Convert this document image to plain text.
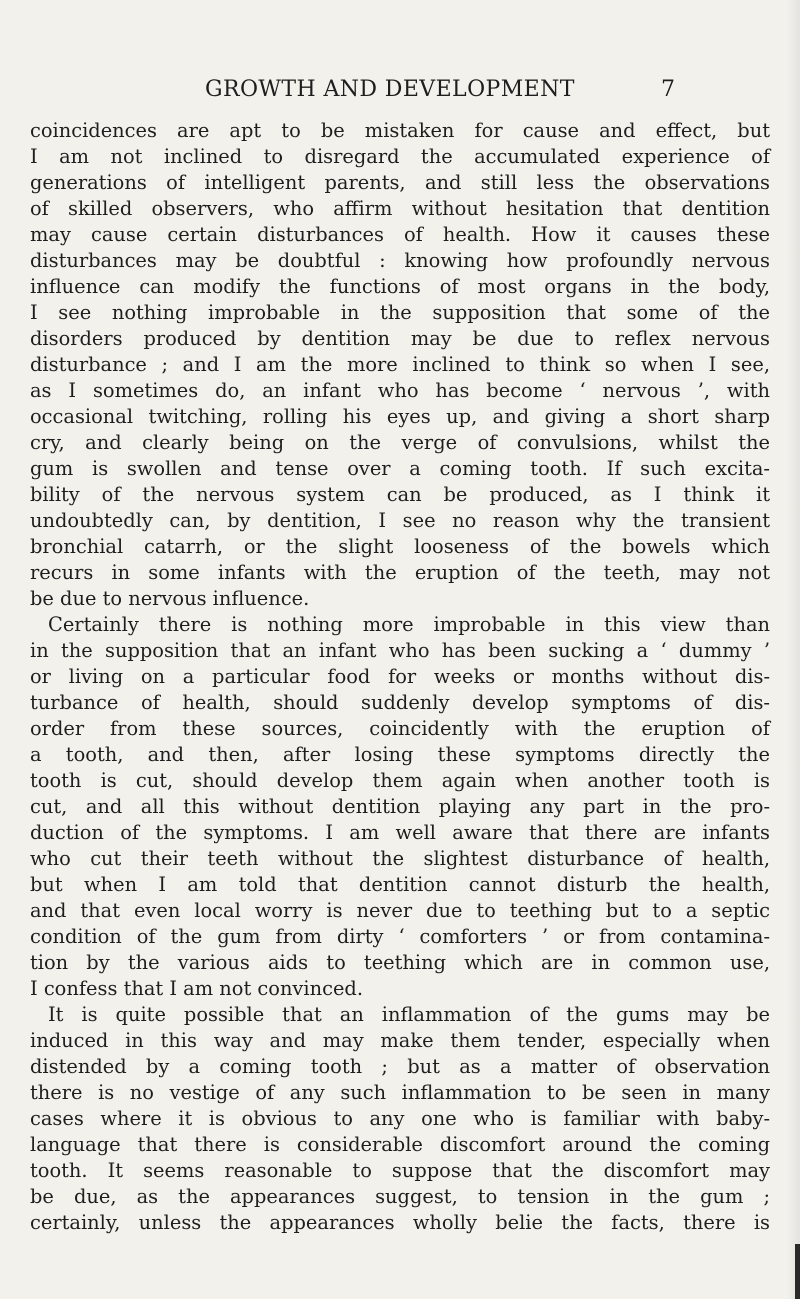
GROWTH AND DEVELOPMENT	7
coincidences are apt to be mistaken for cause and effect, but
I am not inclined to disregard the accumulated experience of
generations of intelligent parents, and still less the observations
of skilled observers, who affirm without hesitation that dentition
may cause certain disturbances of health. How it causes these
disturbances may be doubtful : knowing how profoundly nervous
influence can modify the functions of most organs in the body,
I see nothing improbable in the supposition that some of the
disorders produced by dentition may be due to reflex nervous
disturbance ; and I am the more inclined to think so when I see,
as I sometimes do, an infant who has become ‘ nervous ’, with
occasional twitching, rolling his eyes up, and giving a short sharp
cry, and clearly being on the verge of convulsions, whilst the
gum is swollen and tense over a coming tooth. If such excita-
bility of the nervous system can be produced, as I think it
undoubtedly can, by dentition, I see no reason why the transient
bronchial catarrh, or the slight looseness of the bowels which
recurs in some infants with the eruption of the teeth, may not
be due to nervous influence.
Certainly there is nothing more improbable in this view than
in the supposition that an infant who has been sucking a ‘ dummy ’
or living on a particular food for weeks or months without dis-
turbance of health, should suddenly develop symptoms of dis-
order from these sources, coincidently with the eruption of
a tooth, and then, after losing these symptoms directly the
tooth is cut, should develop them again when another tooth is
cut, and all this without dentition playing any part in the pro-
duction of the symptoms. I am well aware that there are infants
who cut their teeth without the slightest disturbance of health,
but when I am told that dentition cannot disturb the health,
and that even local worry is never due to teething but to a septic
condition of the gum from dirty ‘ comforters ’ or from contamina-
tion by the various aids to teething which are in common use,
I confess that I am not convinced.
It is quite possible that an inflammation of the gums may be
induced in this way and may make them tender, especially when
distended by a coming tooth ; but as a matter of observation
there is no vestige of any such inflammation to be seen in many
cases where it is obvious to any one who is familiar with baby-
language that there is considerable discomfort around the coming
tooth. It seems reasonable to suppose that the discomfort may
be due, as the appearances suggest, to tension in the gum ;
certainly, unless the appearances wholly belie the facts, there is
